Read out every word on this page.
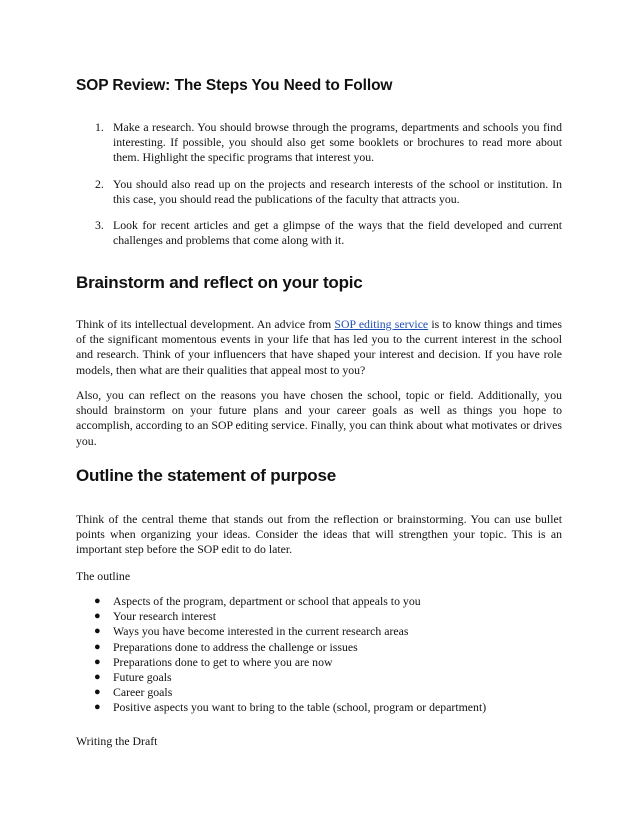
SOP Review: The Steps You Need to Follow
1. Make a research. You should browse through the programs, departments and schools you find interesting. If possible, you should also get some booklets or brochures to read more about them. Highlight the specific programs that interest you.
2. You should also read up on the projects and research interests of the school or institution. In this case, you should read the publications of the faculty that attracts you.
3. Look for recent articles and get a glimpse of the ways that the field developed and current challenges and problems that come along with it.
Brainstorm and reflect on your topic

Think of its intellectual development. An advice from SOP editing service is to know things and times of the significant momentous events in your life that has led you to the current interest in the school and research. Think of your influencers that have shaped your interest and decision. If you have role models, then what are their qualities that appeal most to you?

Also, you can reflect on the reasons you have chosen the school, topic or field. Additionally, you should brainstorm on your future plans and your career goals as well as things you hope to accomplish, according to an SOP editing service. Finally, you can think about what motivates or drives you.

Outline the statement of purpose

Think of the central theme that stands out from the reflection or brainstorming. You can use bullet points when organizing your ideas. Consider the ideas that will strengthen your topic. This is an important step before the SOP edit to do later.

The outline

● Aspects of the program, department or school that appeals to you
● Your research interest
● Ways you have become interested in the current research areas
● Preparations done to address the challenge or issues
● Preparations done to get to where you are now
● Future goals
● Career goals
● Positive aspects you want to bring to the table (school, program or department)

Writing the Draft
